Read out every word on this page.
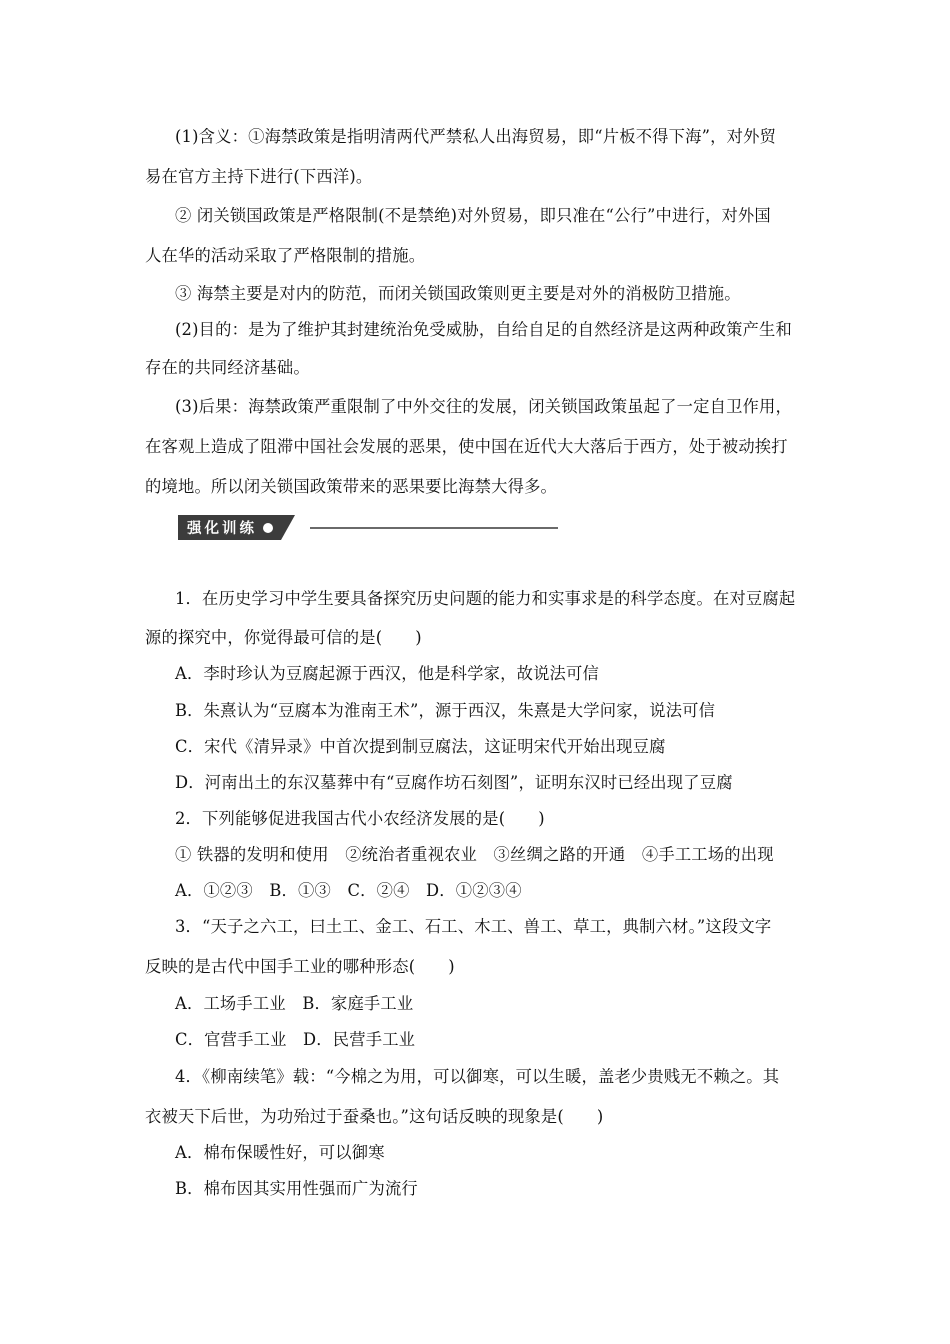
(1)含义：①海禁政策是指明清两代严禁私人出海贸易，即“片板不得下海”，对外贸
易在官方主持下进行(下西洋)。
② 闭关锁国政策是严格限制(不是禁绝)对外贸易，即只准在“公行”中进行，对外国
人在华的活动采取了严格限制的措施。
③ 海禁主要是对内的防范，而闭关锁国政策则更主要是对外的消极防卫措施。
(2)目的：是为了维护其封建统治免受威胁，自给自足的自然经济是这两种政策产生和
存在的共同经济基础。
(3)后果：海禁政策严重限制了中外交往的发展，闭关锁国政策虽起了一定自卫作用，
在客观上造成了阻滞中国社会发展的恶果，使中国在近代大大落后于西方，处于被动挨打
的境地。所以闭关锁国政策带来的恶果要比海禁大得多。
强化训练
1．在历史学习中学生要具备探究历史问题的能力和实事求是的科学态度。在对豆腐起
源的探究中，你觉得最可信的是(　　)
A．李时珍认为豆腐起源于西汉，他是科学家，故说法可信
B．朱熹认为“豆腐本为淮南王术”，源于西汉，朱熹是大学问家，说法可信
C．宋代《清异录》中首次提到制豆腐法，这证明宋代开始出现豆腐
D．河南出土的东汉墓葬中有“豆腐作坊石刻图”，证明东汉时已经出现了豆腐
2．下列能够促进我国古代小农经济发展的是(　　)
① 铁器的发明和使用　②统治者重视农业　③丝绸之路的开通　④手工工场的出现
A．①②③　B．①③　C．②④　D．①②③④
3．“天子之六工，曰土工、金工、石工、木工、兽工、草工，典制六材。”这段文字
反映的是古代中国手工业的哪种形态(　　)
A．工场手工业　B．家庭手工业
C．官营手工业　D．民营手工业
4．《柳南续笔》载：“今棉之为用，可以御寒，可以生暖，盖老少贵贱无不赖之。其
衣被天下后世，为功殆过于蚕桑也。”这句话反映的现象是(　　)
A．棉布保暖性好，可以御寒
B．棉布因其实用性强而广为流行
